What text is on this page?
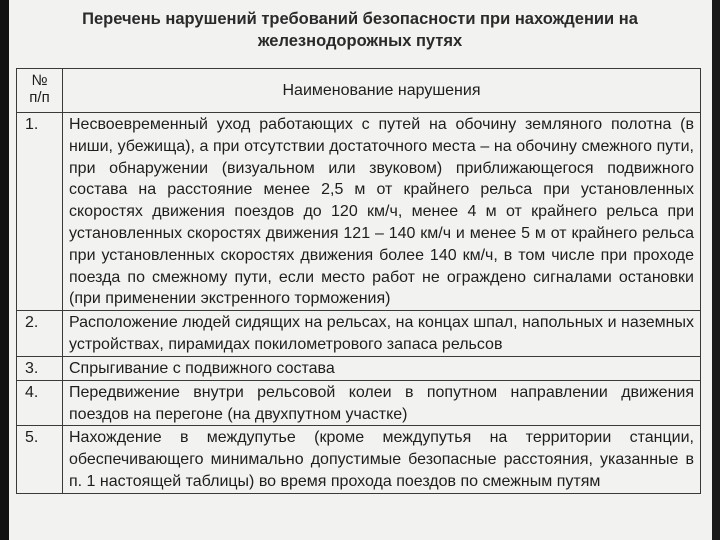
Перечень нарушений требований безопасности при нахождении на
железнодорожных путях
№
п/п	Наименование нарушения
1.	Несвоевременный уход работающих с путей на обочину земляного полотна (в ниши, убежища), а при отсутствии достаточного места – на обочину смежного пути, при обнаружении (визуальном или звуковом) приближающегося подвижного состава на расстояние менее 2,5 м от крайнего рельса при установленных скоростях движения поездов до 120 км/ч, менее 4 м от крайнего рельса при установленных скоростях движения 121 – 140 км/ч и менее 5 м от крайнего рельса при установленных скоростях движения более 140 км/ч, в том числе при проходе поезда по смежному пути, если место работ не ограждено сигналами остановки (при применении экстренного торможения)
2.	Расположение людей сидящих на рельсах, на концах шпал, напольных и наземных устройствах, пирамидах покилометрового запаса рельсов
3.	Спрыгивание с подвижного состава
4.	Передвижение внутри рельсовой колеи в попутном направлении движения поездов на перегоне (на двухпутном участке)
5.	Нахождение в междупутье (кроме междупутья на территории станции, обеспечивающего минимально допустимые безопасные расстояния, указанные в п. 1 настоящей таблицы) во время прохода поездов по смежным путям
